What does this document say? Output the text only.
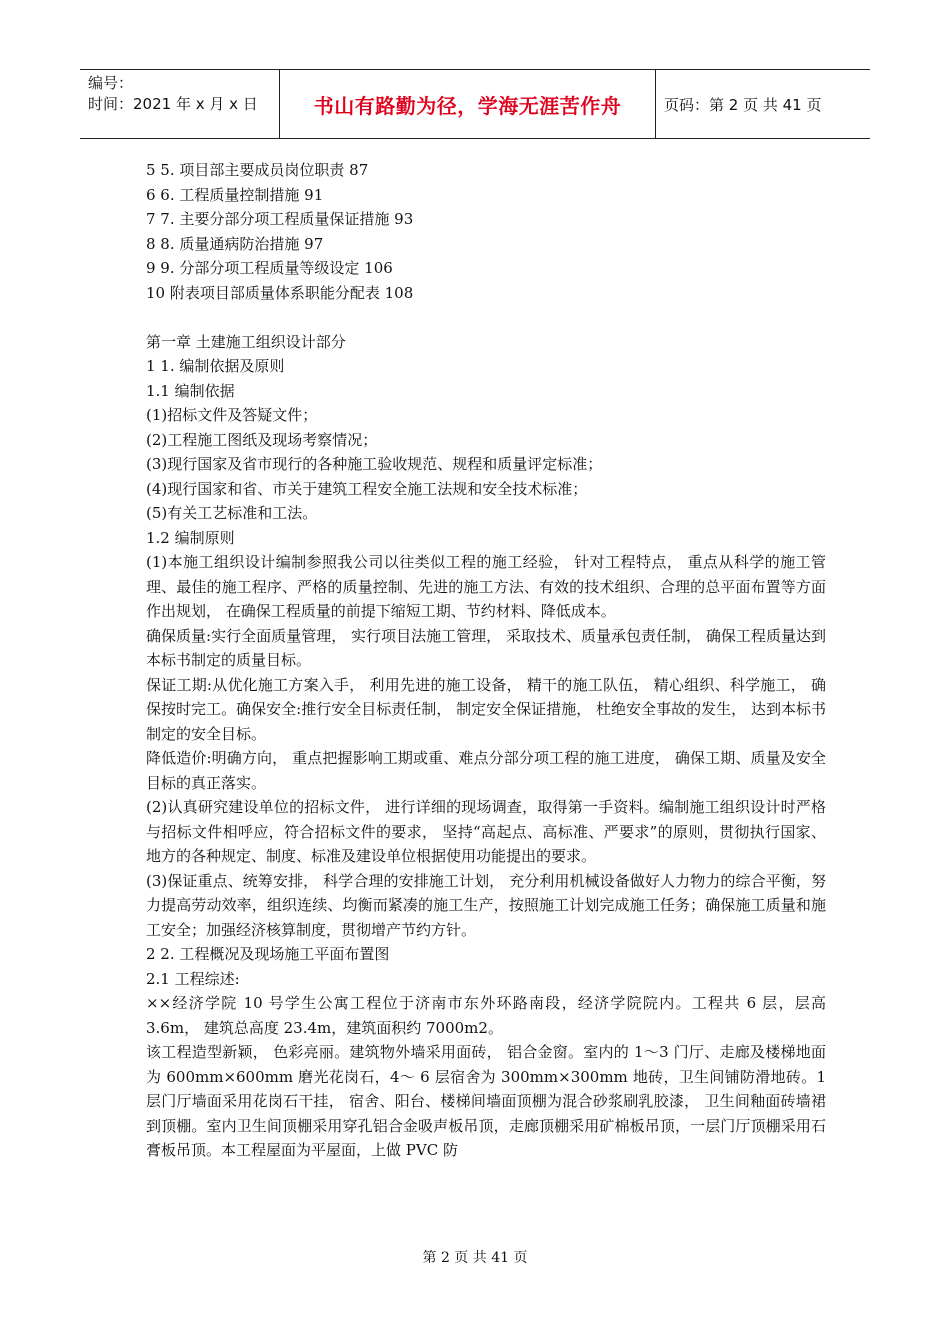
编号：
时间：2021 年 x 月 x 日	书山有路勤为径，学海无涯苦作舟	页码：第 2 页 共 41 页
5 5. 项目部主要成员岗位职责 87
6 6. 工程质量控制措施 91
7 7. 主要分部分项工程质量保证措施 93
8 8. 质量通病防治措施 97
9 9. 分部分项工程质量等级设定 106
10 附表项目部质量体系职能分配表 108
第一章 土建施工组织设计部分
1 1. 编制依据及原则
1.1 编制依据
(1)招标文件及答疑文件；
(2)工程施工图纸及现场考察情况；
(3)现行国家及省市现行的各种施工验收规范、规程和质量评定标准；
(4)现行国家和省、市关于建筑工程安全施工法规和安全技术标准；
(5)有关工艺标准和工法。
1.2 编制原则
(1)本施工组织设计编制参照我公司以往类似工程的施工经验， 针对工程特点， 重点从科学的施工管理、最佳的施工程序、严格的质量控制、先进的施工方法、有效的技术组织、合理的总平面布置等方面作出规划， 在确保工程质量的前提下缩短工期、节约材料、降低成本。
确保质量:实行全面质量管理， 实行项目法施工管理， 采取技术、质量承包责任制， 确保工程质量达到本标书制定的质量目标。
保证工期:从优化施工方案入手， 利用先进的施工设备， 精干的施工队伍， 精心组织、科学施工， 确保按时完工。确保安全:推行安全目标责任制， 制定安全保证措施， 杜绝安全事故的发生， 达到本标书制定的安全目标。
降低造价:明确方向， 重点把握影响工期或重、难点分部分项工程的施工进度， 确保工期、质量及安全目标的真正落实。
(2)认真研究建设单位的招标文件， 进行详细的现场调查，取得第一手资料。编制施工组织设计时严格与招标文件相呼应，符合招标文件的要求， 坚持“高起点、高标准、严要求”的原则，贯彻执行国家、地方的各种规定、制度、标准及建设单位根据使用功能提出的要求。
(3)保证重点、统筹安排， 科学合理的安排施工计划， 充分利用机械设备做好人力物力的综合平衡，努力提高劳动效率，组织连续、均衡而紧凑的施工生产，按照施工计划完成施工任务；确保施工质量和施工安全；加强经济核算制度，贯彻增产节约方针。
2 2. 工程概况及现场施工平面布置图
2.1 工程综述:
××经济学院 10 号学生公寓工程位于济南市东外环路南段，经济学院院内。工程共 6 层，层高 3.6m， 建筑总高度 23.4m，建筑面积约 7000m2。
该工程造型新颖， 色彩亮丽。建筑物外墙采用面砖， 铝合金窗。室内的 1～3 门厅、走廊及楼梯地面为 600mm×600mm 磨光花岗石，4～ 6 层宿舍为 300mm×300mm 地砖，卫生间铺防滑地砖。1 层门厅墙面采用花岗石干挂， 宿舍、阳台、楼梯间墙面顶棚为混合砂浆刷乳胶漆， 卫生间釉面砖墙裙到顶棚。室内卫生间顶棚采用穿孔铝合金吸声板吊顶，走廊顶棚采用矿棉板吊顶，一层门厅顶棚采用石膏板吊顶。本工程屋面为平屋面，上做 PVC 防
第 2 页 共 41 页
